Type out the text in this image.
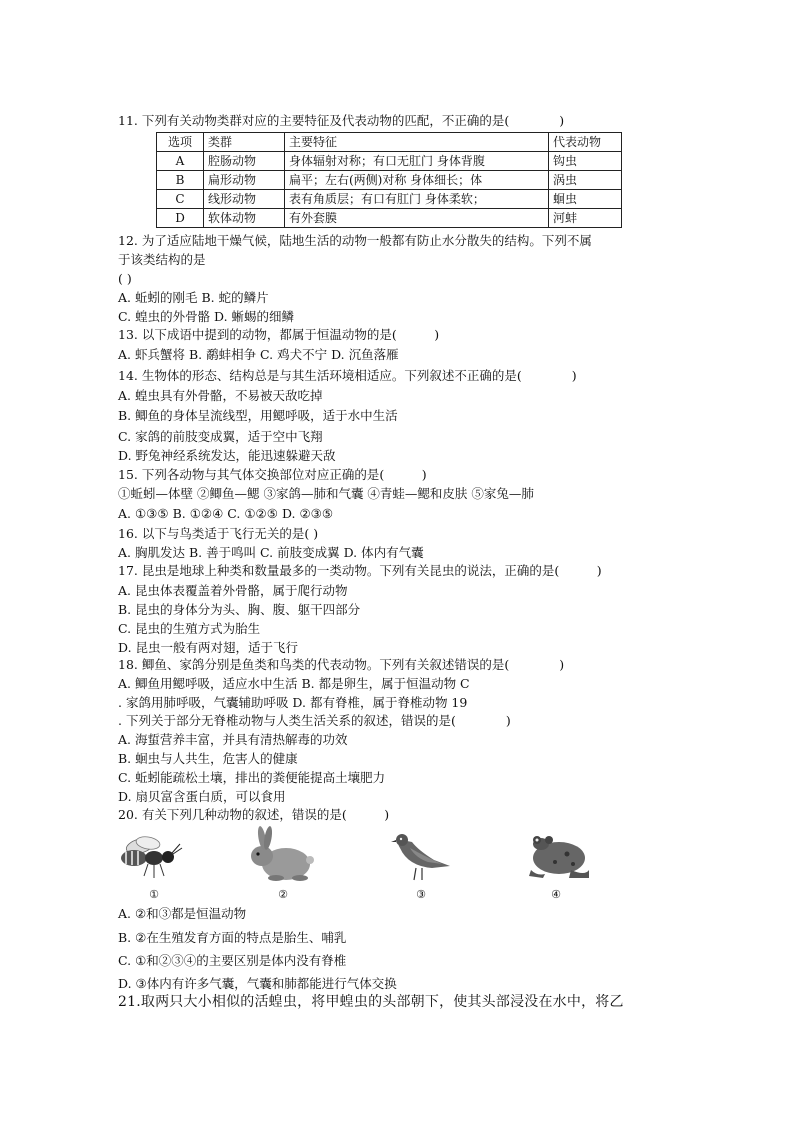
11. 下列有关动物类群对应的主要特征及代表动物的匹配，不正确的是(　　　　)
选项	类群	主要特征	代表动物
A	腔肠动物	身体辐射对称；有口无肛门 身体背腹	钩虫
B	扁形动物	扁平；左右(两侧)对称 身体细长；体	涡虫
C	线形动物	表有角质层；有口有肛门 身体柔软；	蛔虫
D	软体动物	有外套膜	河蚌
12. 为了适应陆地干燥气候，陆地生活的动物一般都有防止水分散失的结构。下列不属
于该类结构的是
( )
A. 蚯蚓的刚毛 B. 蛇的鳞片
C. 蝗虫的外骨骼 D. 蜥蜴的细鳞
13. 以下成语中提到的动物，都属于恒温动物的是(　　　)
A. 虾兵蟹将 B. 鹬蚌相争 C. 鸡犬不宁 D. 沉鱼落雁
14. 生物体的形态、结构总是与其生活环境相适应。下列叙述不正确的是(　　　　)
A. 蝗虫具有外骨骼，不易被天敌吃掉
B. 鲫鱼的身体呈流线型，用鳃呼吸，适于水中生活
C. 家鸽的前肢变成翼，适于空中飞翔
D. 野兔神经系统发达，能迅速躲避天敌
15. 下列各动物与其气体交换部位对应正确的是(　　　)
①蚯蚓—体壁 ②鲫鱼—鳃 ③家鸽—肺和气囊 ④青蛙—鳃和皮肤 ⑤家兔—肺
A. ①③⑤ B. ①②④ C. ①②⑤ D. ②③⑤
16. 以下与鸟类适于飞行无关的是( )
A. 胸肌发达 B. 善于鸣叫 C. 前肢变成翼 D. 体内有气囊
17. 昆虫是地球上种类和数量最多的一类动物。下列有关昆虫的说法，正确的是(　　　)
A. 昆虫体表覆盖着外骨骼，属于爬行动物
B. 昆虫的身体分为头、胸、腹、躯干四部分
C. 昆虫的生殖方式为胎生
D. 昆虫一般有两对翅，适于飞行
18. 鲫鱼、家鸽分别是鱼类和鸟类的代表动物。下列有关叙述错误的是(　　　　)
A. 鲫鱼用鳃呼吸，适应水中生活 B. 都是卵生，属于恒温动物 C
. 家鸽用肺呼吸，气囊辅助呼吸 D. 都有脊椎，属于脊椎动物 19
. 下列关于部分无脊椎动物与人类生活关系的叙述，错误的是(　　　　)
A. 海蜇营养丰富，并具有清热解毒的功效
B. 蛔虫与人共生，危害人的健康
C. 蚯蚓能疏松土壤，排出的粪便能提高土壤肥力
D. 扇贝富含蛋白质，可以食用
20. 有关下列几种动物的叙述，错误的是(　　　)
①	②	③	④
A. ②和③都是恒温动物
B. ②在生殖发育方面的特点是胎生、哺乳
C. ①和②③④的主要区别是体内没有脊椎
D. ③体内有许多气囊，气囊和肺都能进行气体交换
21.取两只大小相似的活蝗虫，将甲蝗虫的头部朝下，使其头部浸没在水中，将乙
